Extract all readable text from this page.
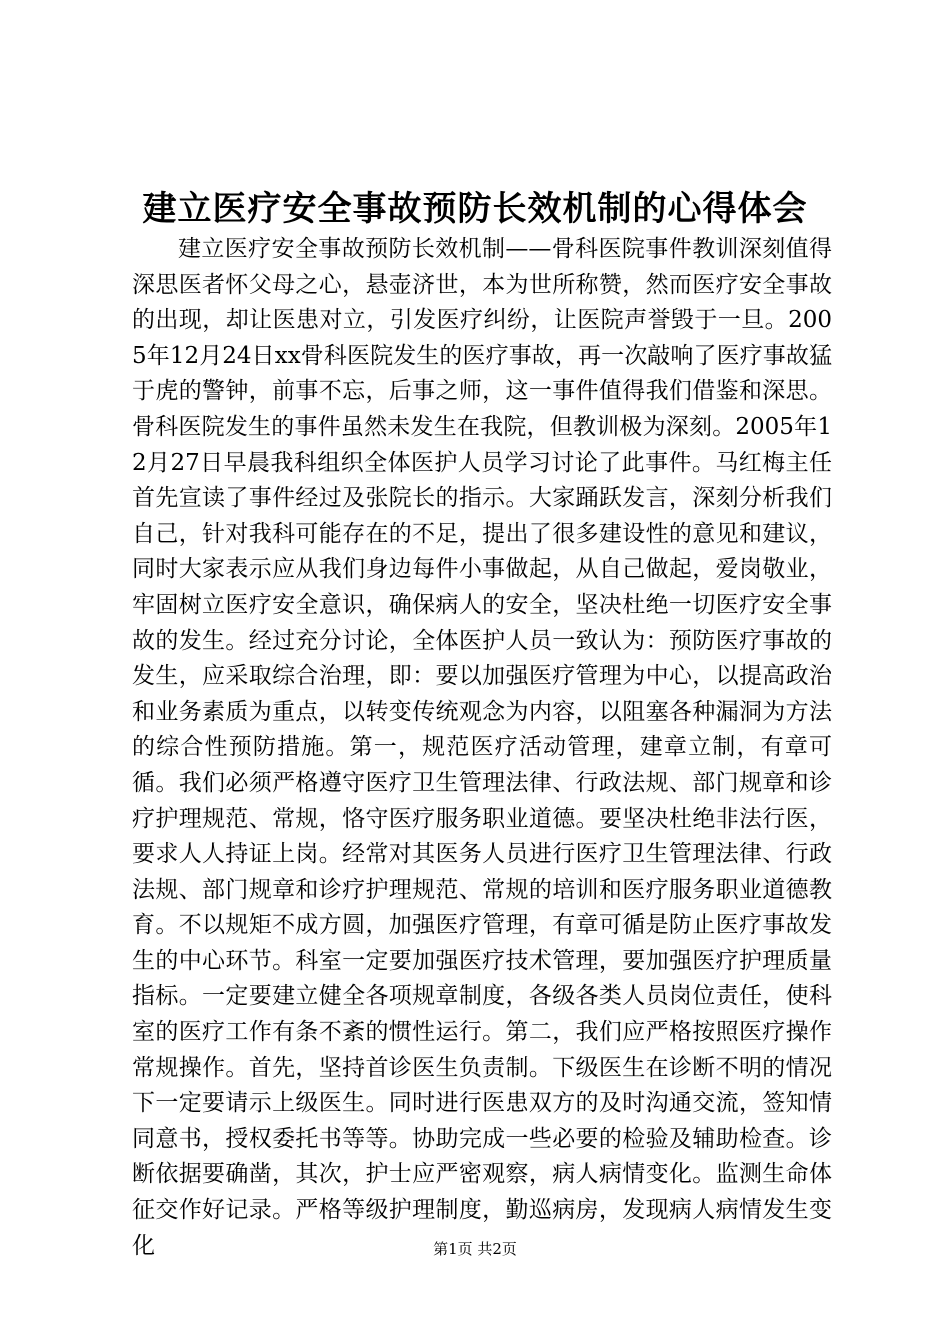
建立医疗安全事故预防长效机制的心得体会

建立医疗安全事故预防长效机制——骨科医院事件教训深刻值得深思医者怀父母之心，悬壶济世，本为世所称赞，然而医疗安全事故的出现，却让医患对立，引发医疗纠纷，让医院声誉毁于一旦。2005年12月24日xx骨科医院发生的医疗事故，再一次敲响了医疗事故猛于虎的警钟，前事不忘，后事之师，这一事件值得我们借鉴和深思。骨科医院发生的事件虽然未发生在我院，但教训极为深刻。2005年12月27日早晨我科组织全体医护人员学习讨论了此事件。马红梅主任首先宣读了事件经过及张院长的指示。大家踊跃发言，深刻分析我们自己，针对我科可能存在的不足，提出了很多建设性的意见和建议，同时大家表示应从我们身边每件小事做起，从自己做起，爱岗敬业，牢固树立医疗安全意识，确保病人的安全，坚决杜绝一切医疗安全事故的发生。经过充分讨论，全体医护人员一致认为：预防医疗事故的发生，应采取综合治理，即：要以加强医疗管理为中心，以提高政治和业务素质为重点，以转变传统观念为内容，以阻塞各种漏洞为方法的综合性预防措施。第一，规范医疗活动管理，建章立制，有章可循。我们必须严格遵守医疗卫生管理法律、行政法规、部门规章和诊疗护理规范、常规，恪守医疗服务职业道德。要坚决杜绝非法行医，要求人人持证上岗。经常对其医务人员进行医疗卫生管理法律、行政法规、部门规章和诊疗护理规范、常规的培训和医疗服务职业道德教育。不以规矩不成方圆，加强医疗管理，有章可循是防止医疗事故发生的中心环节。科室一定要加强医疗技术管理，要加强医疗护理质量指标。一定要建立健全各项规章制度，各级各类人员岗位责任，使科室的医疗工作有条不紊的惯性运行。第二，我们应严格按照医疗操作常规操作。首先，坚持首诊医生负责制。下级医生在诊断不明的情况下一定要请示上级医生。同时进行医患双方的及时沟通交流，签知情同意书，授权委托书等等。协助完成一些必要的检验及辅助检查。诊断依据要确凿，其次，护士应严密观察，病人病情变化。监测生命体征交作好记录。严格等级护理制度，勤巡病房，发现病人病情发生变化	第1页 共2页
